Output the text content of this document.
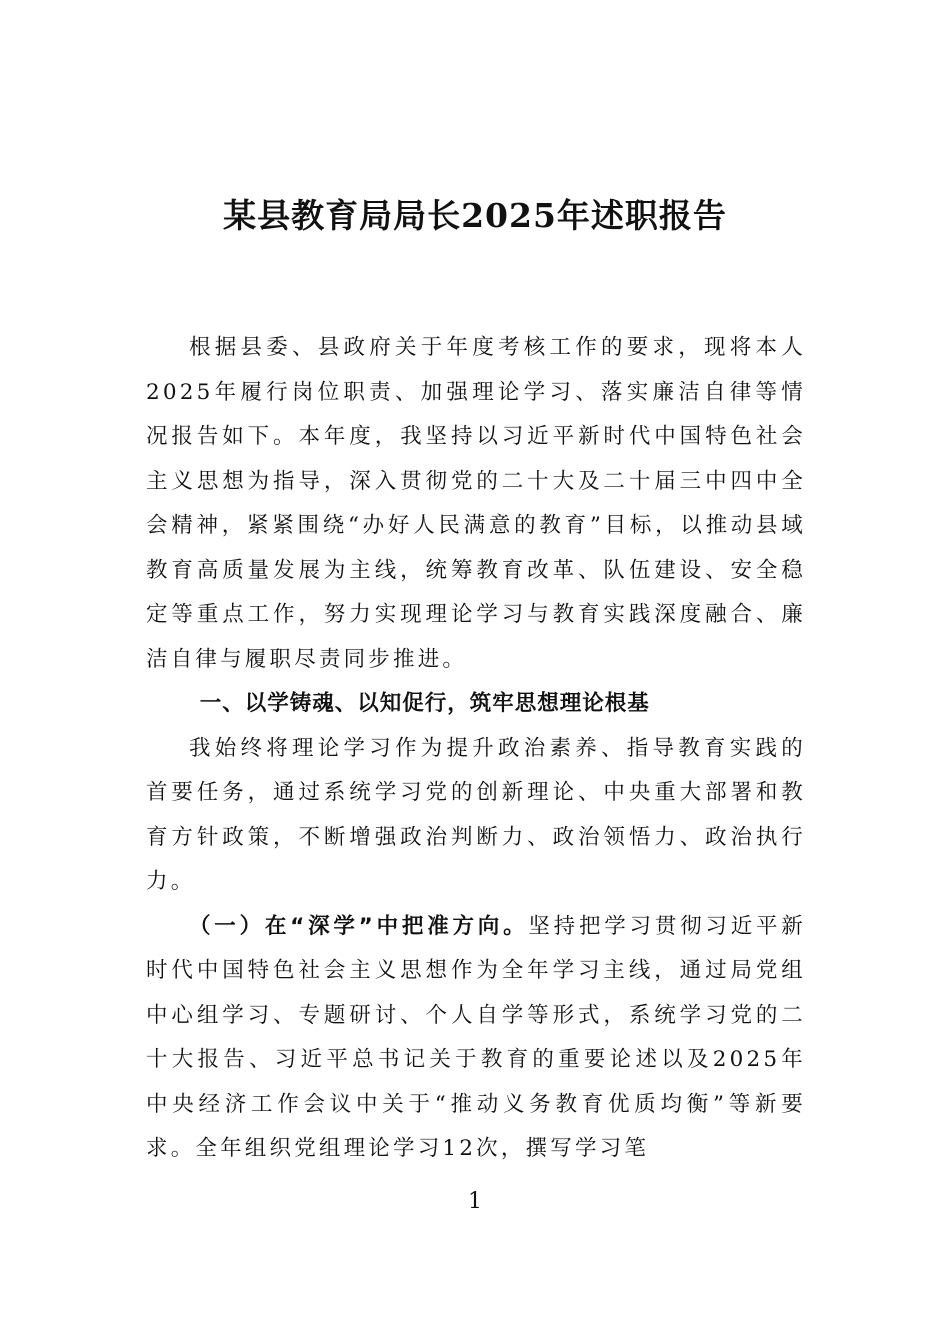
某县教育局局长2025年述职报告

根据县委、县政府关于年度考核工作的要求，现将本人2025年履行岗位职责、加强理论学习、落实廉洁自律等情况报告如下。本年度，我坚持以习近平新时代中国特色社会主义思想为指导，深入贯彻党的二十大及二十届三中四中全会精神，紧紧围绕“办好人民满意的教育”目标，以推动县域教育高质量发展为主线，统筹教育改革、队伍建设、安全稳定等重点工作，努力实现理论学习与教育实践深度融合、廉洁自律与履职尽责同步推进。

一、以学铸魂、以知促行，筑牢思想理论根基

我始终将理论学习作为提升政治素养、指导教育实践的首要任务，通过系统学习党的创新理论、中央重大部署和教育方针政策，不断增强政治判断力、政治领悟力、政治执行力。

（一）在“深学”中把准方向。坚持把学习贯彻习近平新时代中国特色社会主义思想作为全年学习主线，通过局党组中心组学习、专题研讨、个人自学等形式，系统学习党的二十大报告、习近平总书记关于教育的重要论述以及2025年中央经济工作会议中关于“推动义务教育优质均衡”等新要求。全年组织党组理论学习12次，撰写学习笔

1
